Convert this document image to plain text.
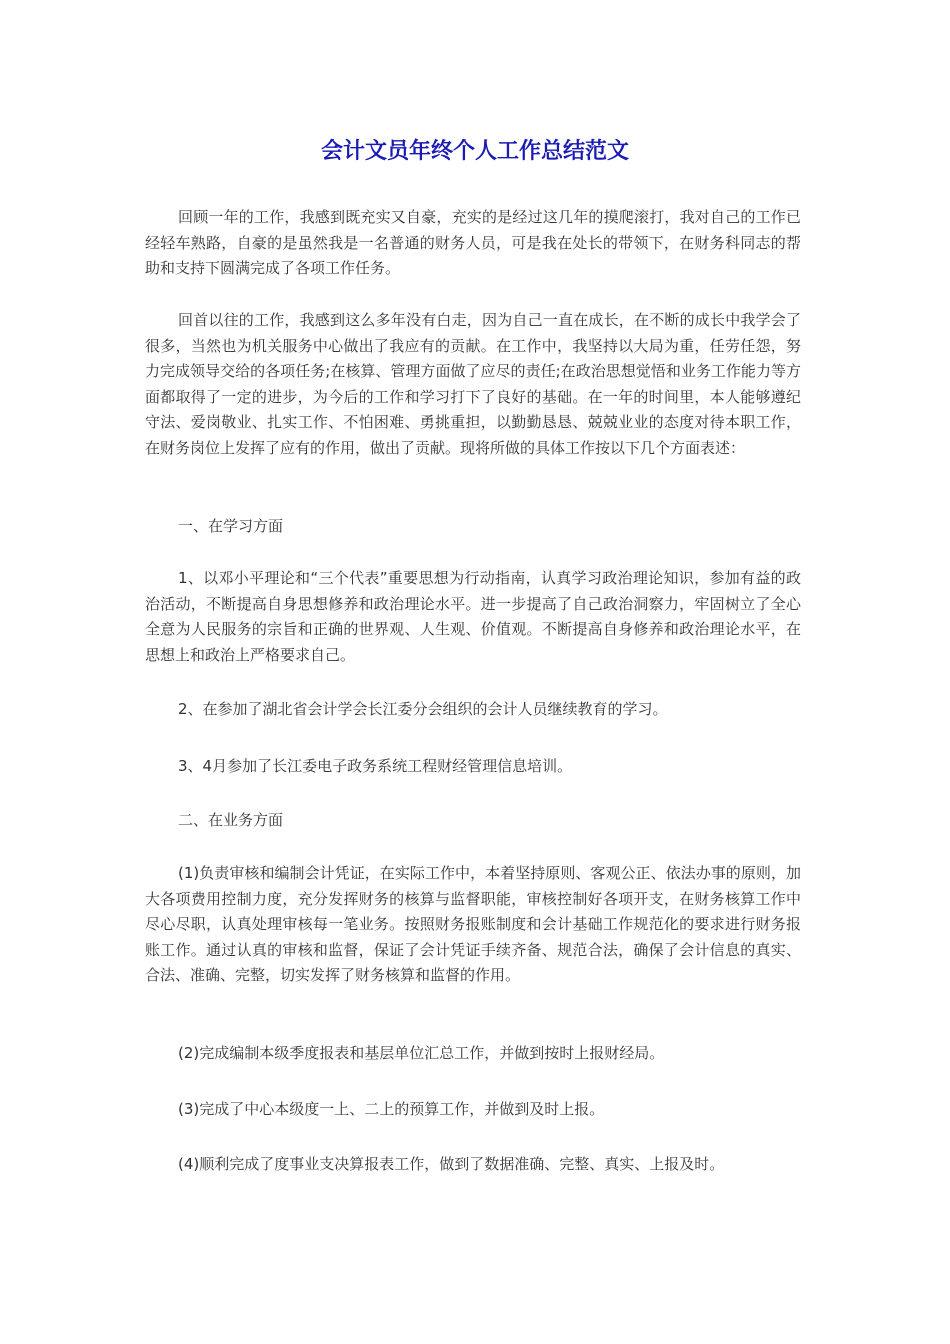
会计文员年终个人工作总结范文

回顾一年的工作，我感到既充实又自豪，充实的是经过这几年的摸爬滚打，我对自己的工作已经轻车熟路，自豪的是虽然我是一名普通的财务人员，可是我在处长的带领下，在财务科同志的帮助和支持下圆满完成了各项工作任务。

回首以往的工作，我感到这么多年没有白走，因为自己一直在成长，在不断的成长中我学会了很多，当然也为机关服务中心做出了我应有的贡献。在工作中，我坚持以大局为重，任劳任怨，努力完成领导交给的各项任务;在核算、管理方面做了应尽的责任;在政治思想觉悟和业务工作能力等方面都取得了一定的进步，为今后的工作和学习打下了良好的基础。在一年的时间里，本人能够遵纪守法、爱岗敬业、扎实工作、不怕困难、勇挑重担，以勤勤恳恳、兢兢业业的态度对待本职工作，在财务岗位上发挥了应有的作用，做出了贡献。现将所做的具体工作按以下几个方面表述：

一、在学习方面

1、以邓小平理论和“三个代表”重要思想为行动指南，认真学习政治理论知识，参加有益的政治活动，不断提高自身思想修养和政治理论水平。进一步提高了自己政治洞察力，牢固树立了全心全意为人民服务的宗旨和正确的世界观、人生观、价值观。不断提高自身修养和政治理论水平，在思想上和政治上严格要求自己。

2、在参加了湖北省会计学会长江委分会组织的会计人员继续教育的学习。

3、4月参加了长江委电子政务系统工程财经管理信息培训。

二、在业务方面

(1)负责审核和编制会计凭证，在实际工作中，本着坚持原则、客观公正、依法办事的原则，加大各项费用控制力度，充分发挥财务的核算与监督职能，审核控制好各项开支，在财务核算工作中尽心尽职，认真处理审核每一笔业务。按照财务报账制度和会计基础工作规范化的要求进行财务报账工作。通过认真的审核和监督，保证了会计凭证手续齐备、规范合法，确保了会计信息的真实、合法、准确、完整，切实发挥了财务核算和监督的作用。

(2)完成编制本级季度报表和基层单位汇总工作，并做到按时上报财经局。

(3)完成了中心本级度一上、二上的预算工作，并做到及时上报。

(4)顺利完成了度事业支决算报表工作，做到了数据准确、完整、真实、上报及时。
